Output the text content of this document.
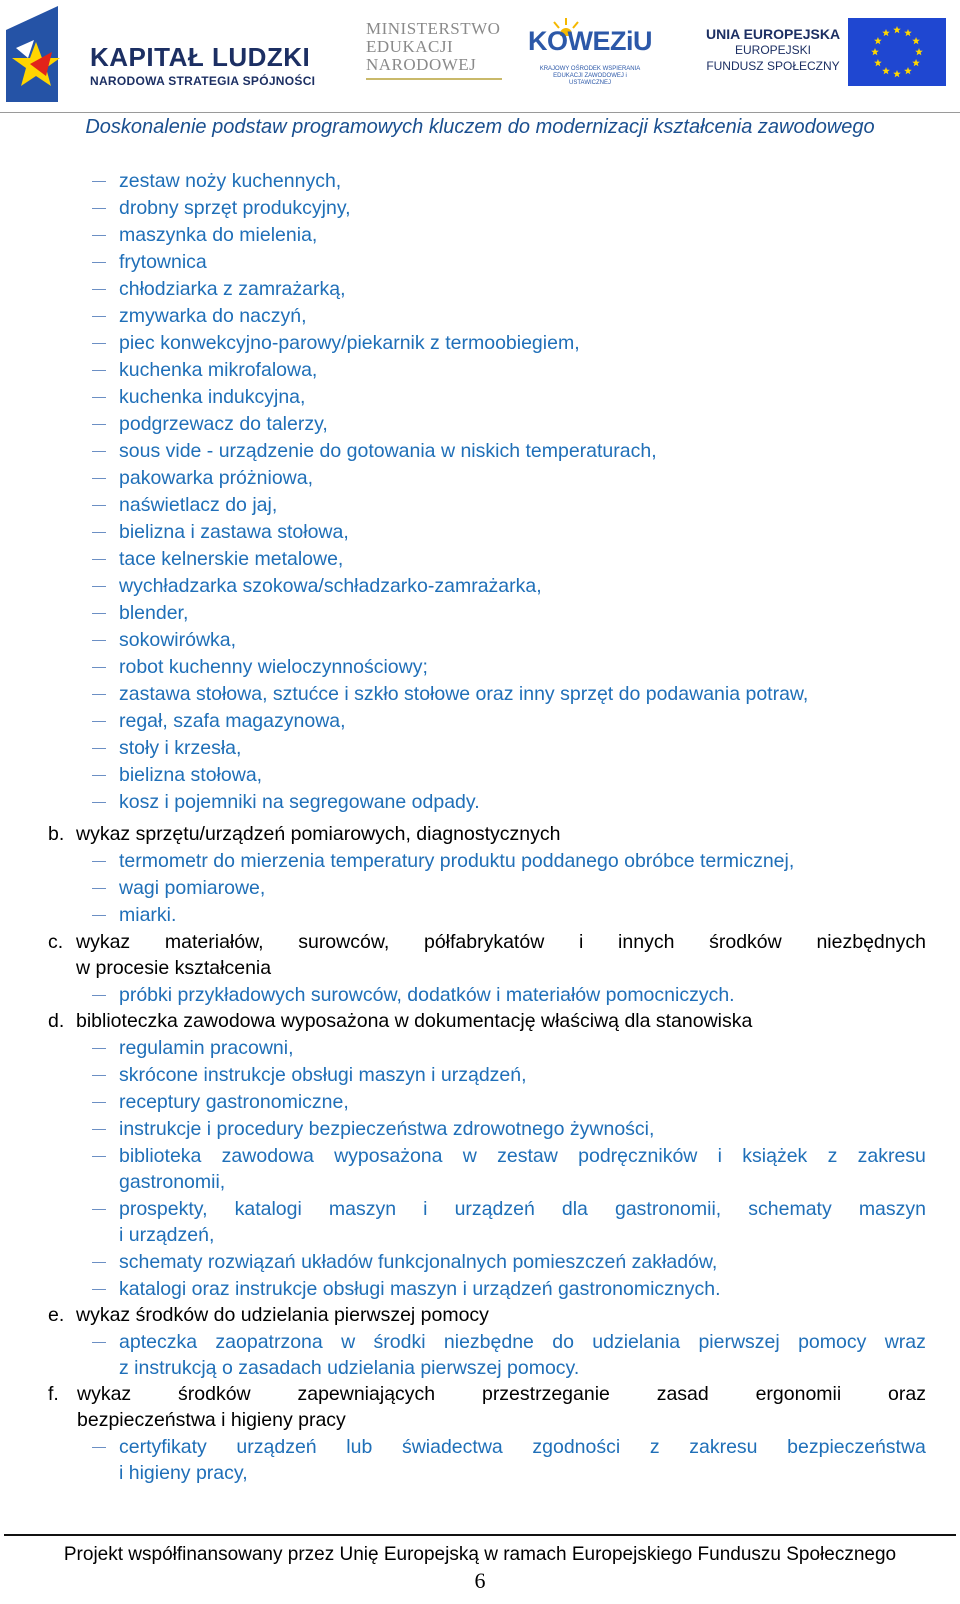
KAPITAŁ LUDZKI
NARODOWA STRATEGIA SPÓJNOŚCI
MINISTERSTWO
EDUKACJI
NARODOWEJ
KOWEZiU
KRAJOWY OŚRODEK WSPIERANIA EDUKACJI ZAWODOWEJ i USTAWICZNEJ
UNIA EUROPEJSKA
EUROPEJSKI
FUNDUSZ SPOŁECZNY
Doskonalenie podstaw programowych kluczem do modernizacji kształcenia zawodowego
zestaw noży kuchennych,
drobny sprzęt produkcyjny,
maszynka do mielenia,
frytownica
chłodziarka z zamrażarką,
zmywarka do naczyń,
piec konwekcyjno-parowy/piekarnik z termoobiegiem,
kuchenka mikrofalowa,
kuchenka indukcyjna,
podgrzewacz do talerzy,
sous vide - urządzenie do gotowania w niskich temperaturach,
pakowarka próżniowa,
naświetlacz do jaj,
bielizna i zastawa stołowa,
tace kelnerskie metalowe,
wychładzarka szokowa/schładzarko-zamrażarka,
blender,
sokowirówka,
robot kuchenny wieloczynnościowy;
zastawa stołowa, sztućce i szkło stołowe oraz inny sprzęt do podawania potraw,
regał, szafa magazynowa,
stoły i krzesła,
bielizna stołowa,
kosz i pojemniki na segregowane odpady.
b. wykaz sprzętu/urządzeń pomiarowych, diagnostycznych
termometr do mierzenia temperatury produktu poddanego obróbce termicznej,
wagi pomiarowe,
miarki.
c. wykaz materiałów, surowców, półfabrykatów i innych środków niezbędnych
w procesie kształcenia
próbki przykładowych surowców, dodatków i materiałów pomocniczych.
d. biblioteczka zawodowa wyposażona w dokumentację właściwą dla stanowiska
regulamin pracowni,
skrócone instrukcje obsługi maszyn i urządzeń,
receptury gastronomiczne,
instrukcje i procedury bezpieczeństwa zdrowotnego żywności,
biblioteka zawodowa wyposażona w zestaw podręczników i książek z zakresu
gastronomii,
prospekty, katalogi maszyn i urządzeń dla gastronomii, schematy maszyn
i urządzeń,
schematy rozwiązań układów funkcjonalnych pomieszczeń zakładów,
katalogi oraz instrukcje obsługi maszyn i urządzeń gastronomicznych.
e. wykaz środków do udzielania pierwszej pomocy
apteczka zaopatrzona w środki niezbędne do udzielania pierwszej pomocy wraz
z instrukcją o zasadach udzielania pierwszej pomocy.
f. wykaz środków zapewniających przestrzeganie zasad ergonomii oraz
bezpieczeństwa i higieny pracy
certyfikaty urządzeń lub świadectwa zgodności z zakresu bezpieczeństwa
i higieny pracy,
Projekt współfinansowany przez Unię Europejską w ramach Europejskiego Funduszu Społecznego
6
